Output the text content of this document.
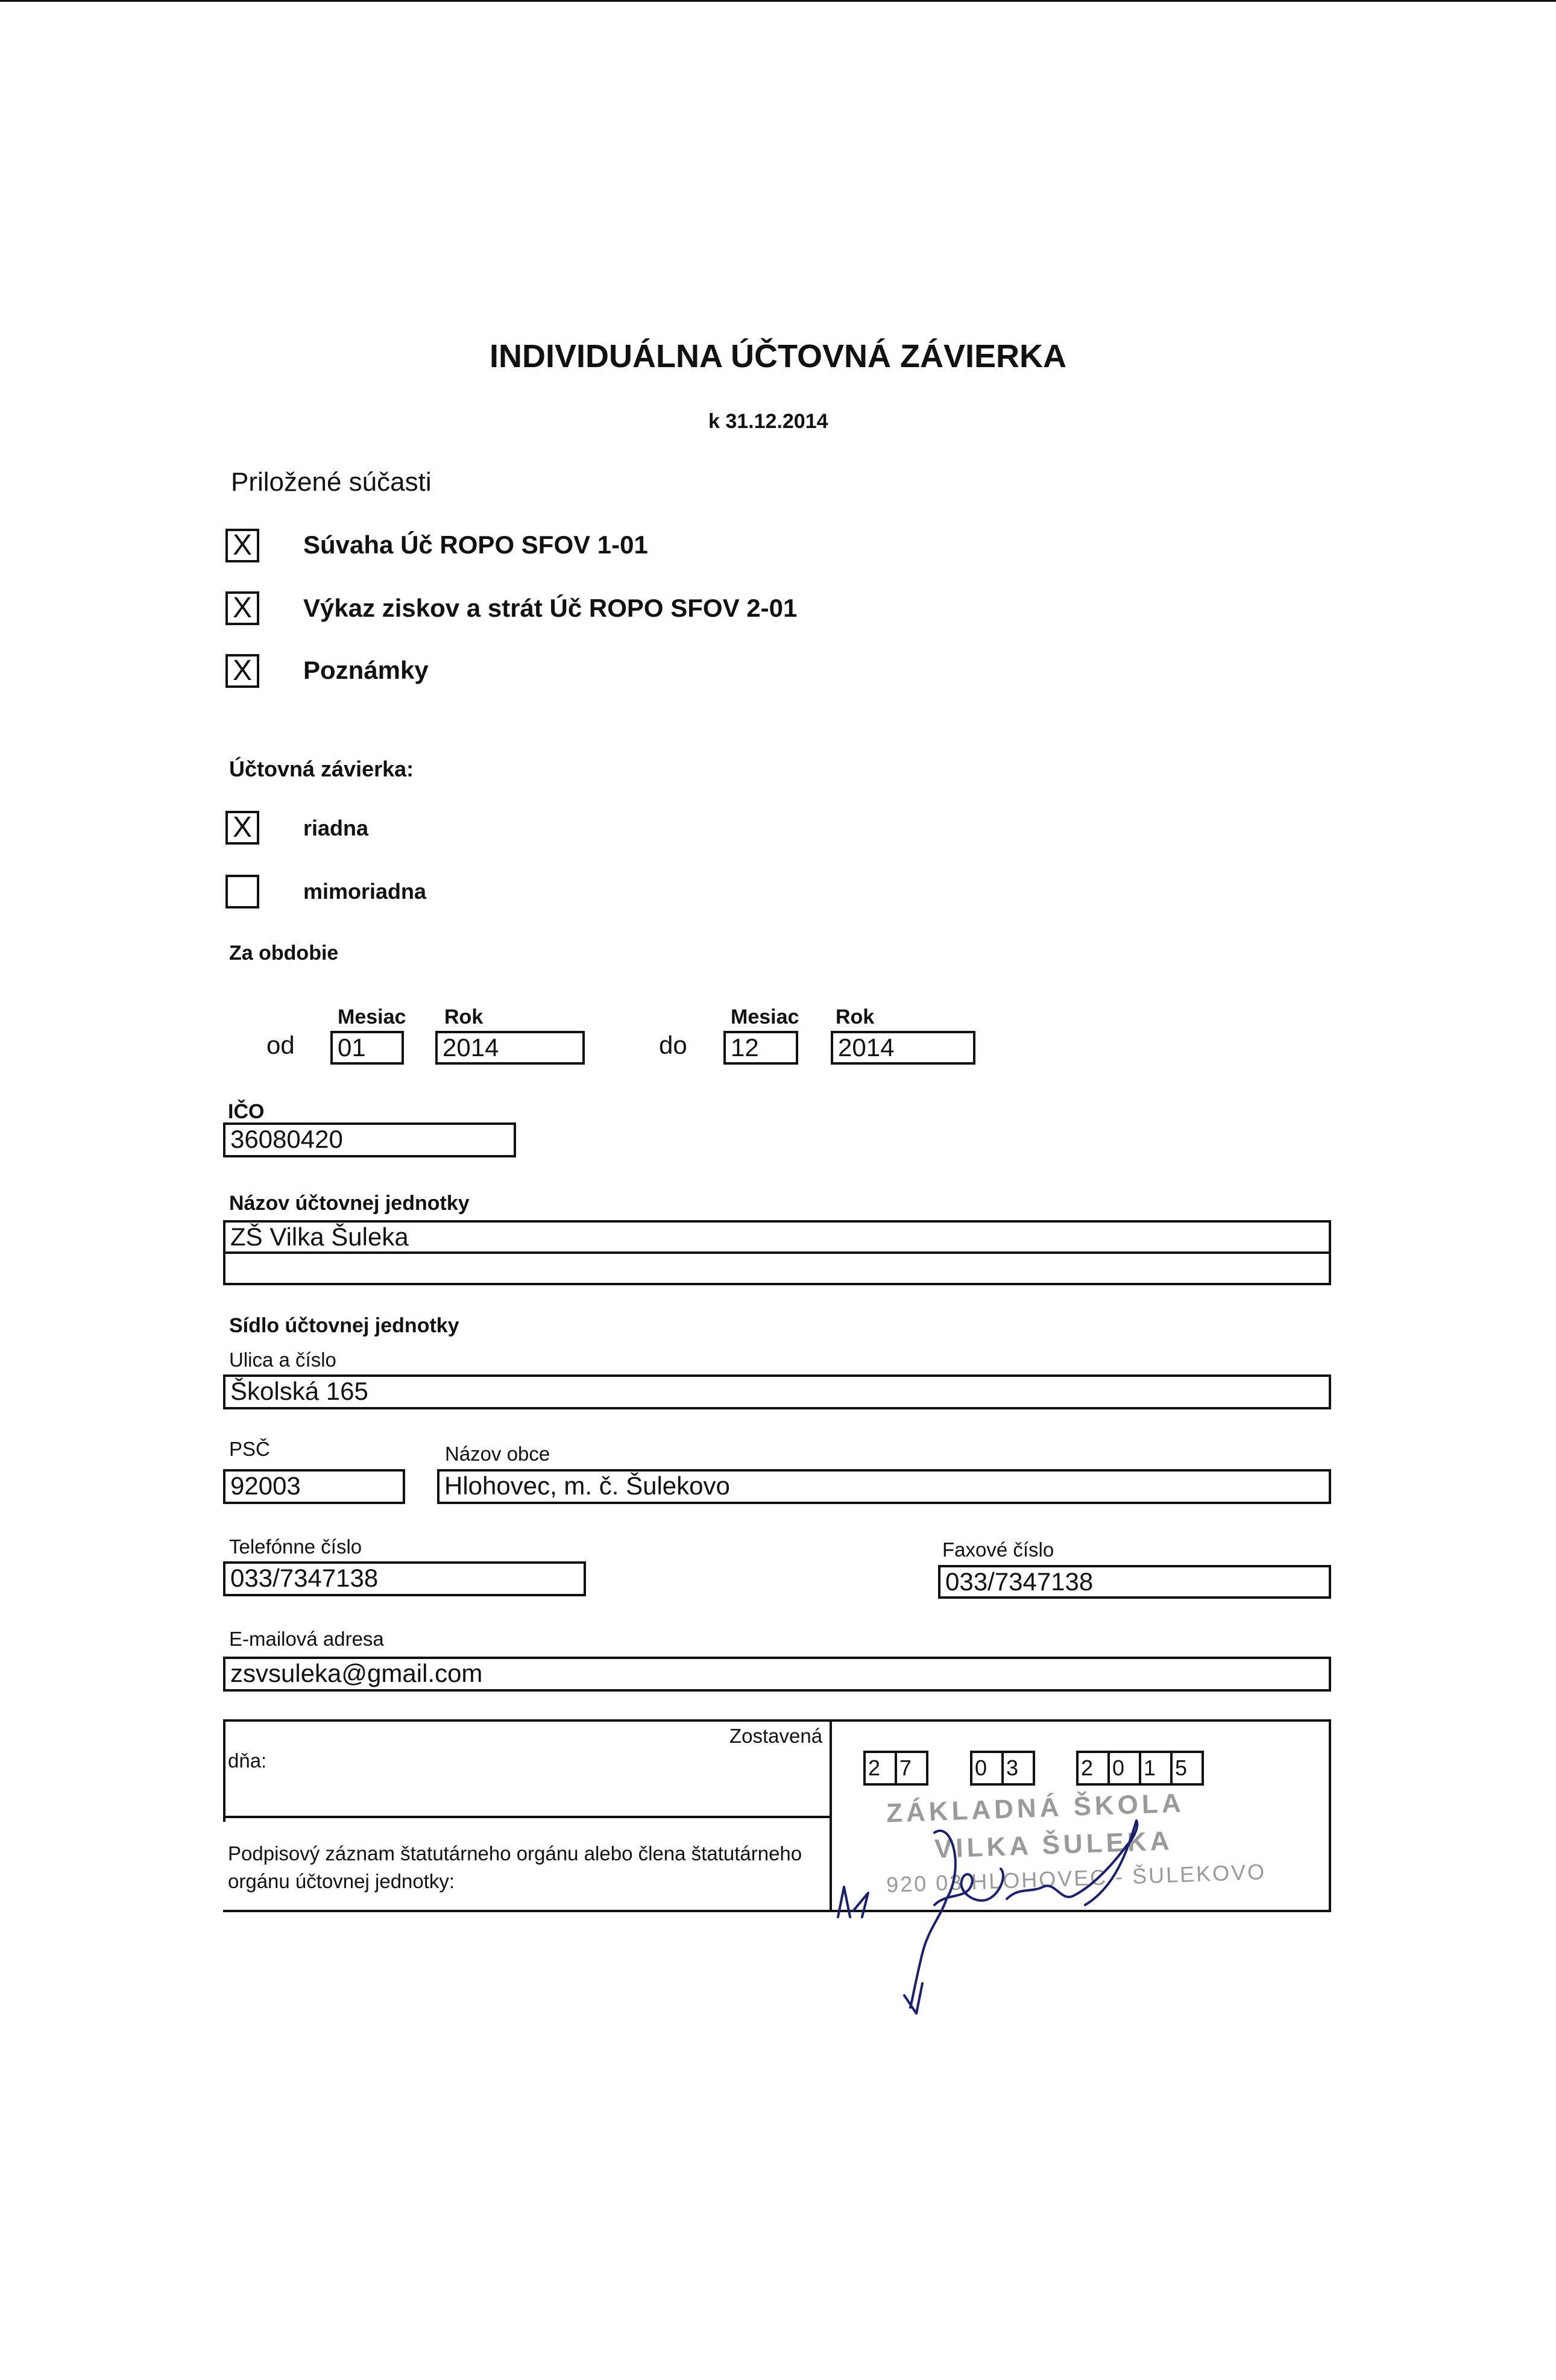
INDIVIDUÁLNA ÚČTOVNÁ ZÁVIERKA
k 31.12.2014
Priložené súčasti
X Súvaha Úč ROPO SFOV 1-01
X Výkaz ziskov a strát Úč ROPO SFOV 2-01
X Poznámky
Účtovná závierka:
X	riadna
mimoriadna
Za obdobie
Mesiac Rok	Mesiac Rok
od 01	2014	do 12	2014
IČO
36080420
Názov účtovnej jednotky
ZŠ Vilka Šuleka
Sídlo účtovnej jednotky
Ulica a číslo
Školská 165
PSČ	Názov obce
92003	Hlohovec, m. č. Šulekovo
Telefónne číslo	Faxové číslo
033/7347138	033/7347138
E-mailová adresa
zsvsuleka@gmail.com
Zostavená
dňa:	2 7	0 3	2 0 1 5
Podpisový záznam štatutárneho orgánu alebo člena štatutárneho orgánu účtovnej jednotky:
ZÁKLADNÁ ŠKOLA
VILKA ŠULEKA
920 03 HLOHOVEC - ŠULEKOVO
